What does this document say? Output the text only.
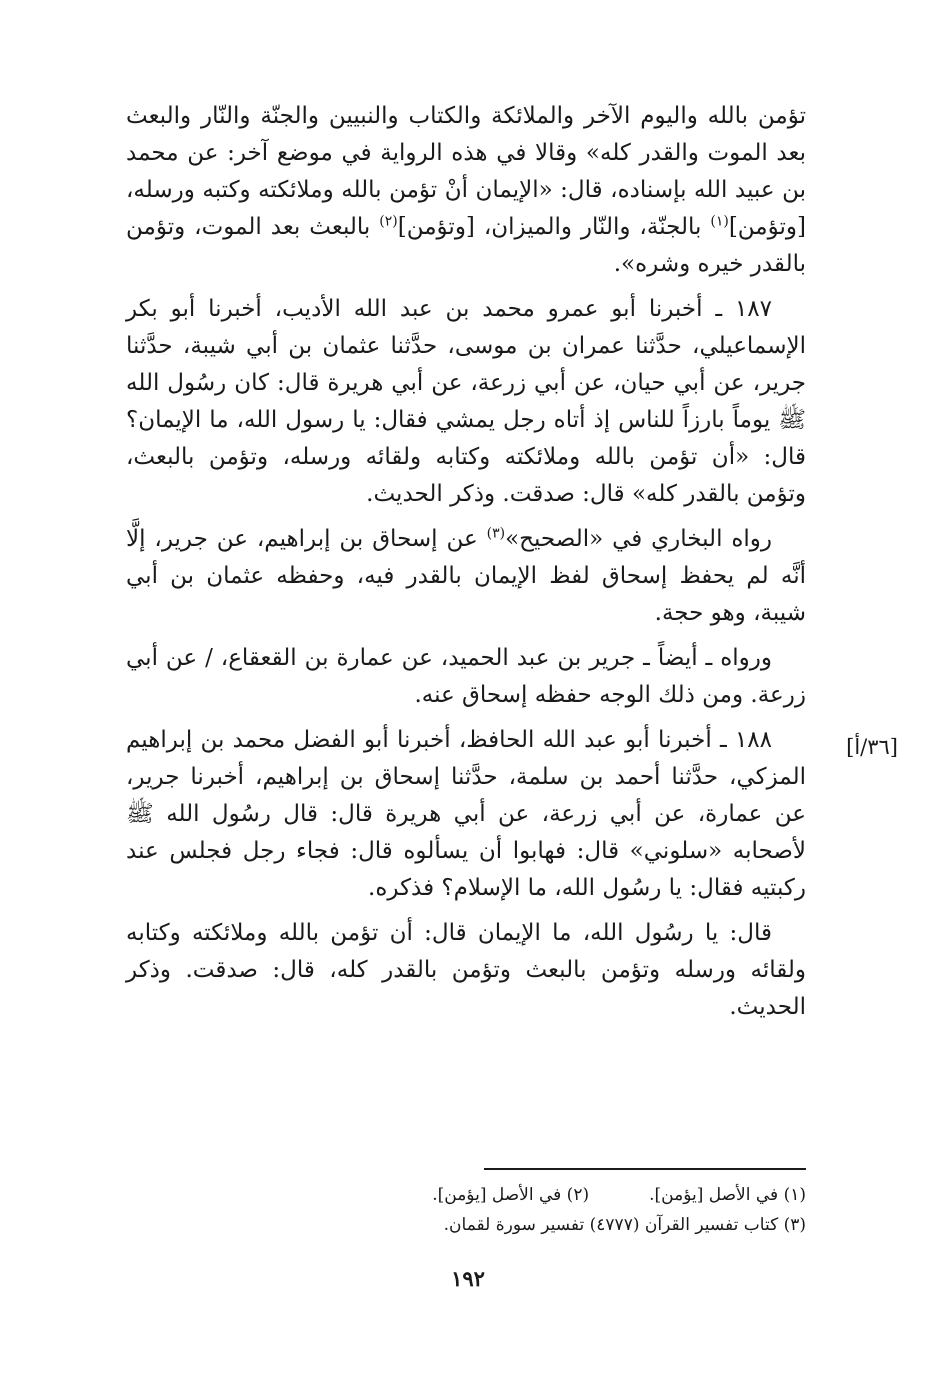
تؤمن بالله واليوم الآخر والملائكة والكتاب والنبيين والجنّة والنّار والبعث بعد الموت والقدر كله» وقالا في هذه الرواية في موضع آخر: عن محمد بن عبيد الله بإسناده، قال: «الإيمان أنْ تؤمن بالله وملائكته وكتبه ورسله، [وتؤمن]$^{(١)}$ بالجنّة، والنّار والميزان، [وتؤمن]$^{(٢)}$ بالبعث بعد الموت، وتؤمن بالقدر خيره وشره».

١٨٧ ـ أخبرنا أبو عمرو محمد بن عبد الله الأديب، أخبرنا أبو بكر الإسماعيلي، حدَّثنا عمران بن موسى، حدَّثنا عثمان بن أبي شيبة، حدَّثنا جرير، عن أبي حيان، عن أبي زرعة، عن أبي هريرة قال: كان رسُول الله ﷺ يوماً بارزاً للناس إذ أتاه رجل يمشي فقال: يا رسول الله، ما الإيمان؟ قال: «أن تؤمن بالله وملائكته وكتابه ولقائه ورسله، وتؤمن بالبعث، وتؤمن بالقدر كله» قال: صدقت. وذكر الحديث.

رواه البخاري في «الصحيح»$^{(٣)}$ عن إسحاق بن إبراهيم، عن جرير، إلَّا أنَّه لم يحفظ إسحاق لفظ الإيمان بالقدر فيه، وحفظه عثمان بن أبي شيبة، وهو حجة.

ورواه ـ أيضاً ـ جرير بن عبد الحميد، عن عمارة بن القعقاع، / عن أبي زرعة. ومن ذلك الوجه حفظه إسحاق عنه.

١٨٨ ـ أخبرنا أبو عبد الله الحافظ، أخبرنا أبو الفضل محمد بن إبراهيم المزكي، حدَّثنا أحمد بن سلمة، حدَّثنا إسحاق بن إبراهيم، أخبرنا جرير، عن عمارة، عن أبي زرعة، عن أبي هريرة قال: قال رسُول الله ﷺ لأصحابه «سلوني» قال: فهابوا أن يسألوه قال: فجاء رجل فجلس عند ركبتيه فقال: يا رسُول الله، ما الإسلام؟ فذكره.

قال: يا رسُول الله، ما الإيمان قال: أن تؤمن بالله وملائكته وكتابه ولقائه ورسله وتؤمن بالبعث وتؤمن بالقدر كله، قال: صدقت. وذكر الحديث.

[٣٦/أ]
(١) في الأصل [يؤمن].
(٢) في الأصل [يؤمن].
(٣) كتاب تفسير القرآن (٤٧٧٧) تفسير سورة لقمان.
١٩٢
